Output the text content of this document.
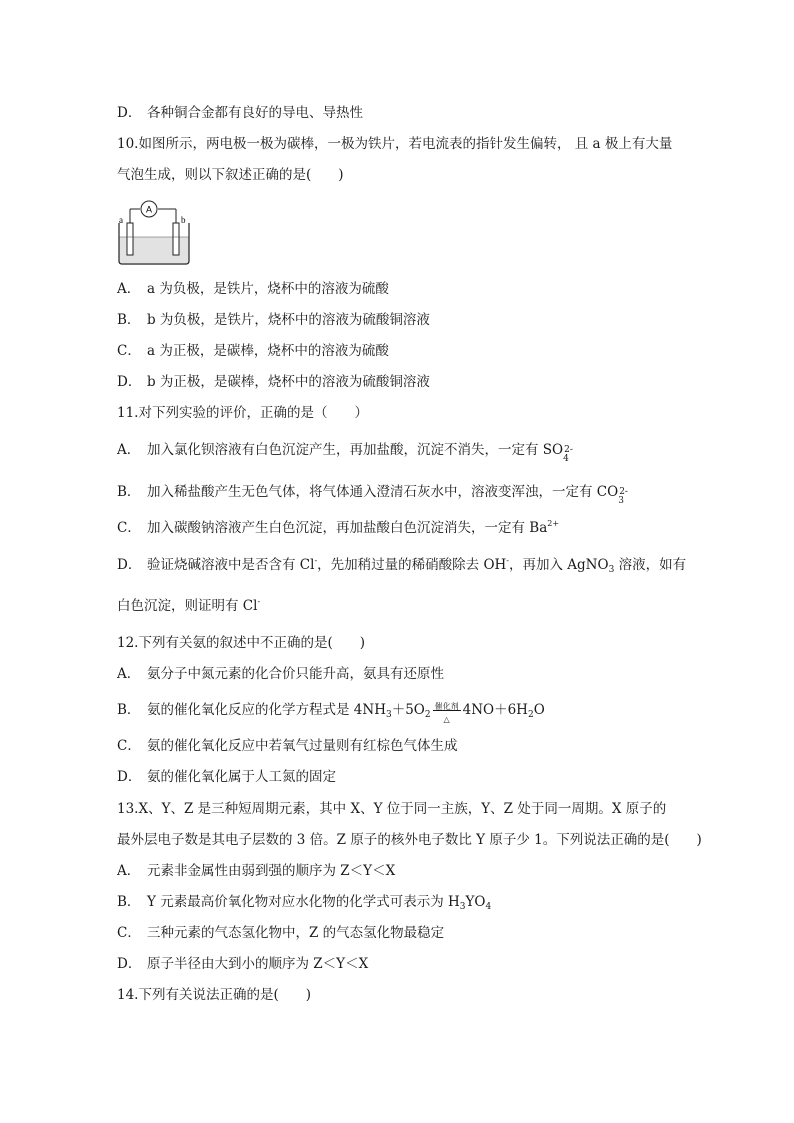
D． 各种铜合金都有良好的导电、导热性
10.如图所示，两电极一极为碳棒，一极为铁片，若电流表的指针发生偏转， 且 a 极上有大量
气泡生成，则以下叙述正确的是(　　)
A
a	b
A． a 为负极，是铁片，烧杯中的溶液为硫酸
B． b 为负极，是铁片，烧杯中的溶液为硫酸铜溶液
C． a 为正极，是碳棒，烧杯中的溶液为硫酸
D． b 为正极，是碳棒，烧杯中的溶液为硫酸铜溶液
11.对下列实验的评价，正确的是（　　）
A． 加入氯化钡溶液有白色沉淀产生，再加盐酸，沉淀不消失，一定有 SO 2-
4
B． 加入稀盐酸产生无色气体，将气体通入澄清石灰水中，溶液变浑浊，一定有 CO 2-
3
C． 加入碳酸钠溶液产生白色沉淀，再加盐酸白色沉淀消失，一定有 $Ba^{2+}$
D． 验证烧碱溶液中是否含有 Cl-，先加稍过量的稀硝酸除去 OH-，再加入 AgNO$_3$ 溶液，如有
白色沉淀，则证明有 Cl-
12.下列有关氨的叙述中不正确的是(　　)
A． 氨分子中氮元素的化合价只能升高，氨具有还原性
B． 氨的催化氧化反应的化学方程式是 $4NH_3+5O_2$
催化剂
△
$4NO+6H_2O$
C． 氨的催化氧化反应中若氧气过量则有红棕色气体生成
D． 氨的催化氧化属于人工氮的固定
13.X、Y、Z 是三种短周期元素，其中 X、Y 位于同一主族，Y、Z 处于同一周期。X 原子的
最外层电子数是其电子层数的 3 倍。Z 原子的核外电子数比 Y 原子少 1。下列说法正确的是(　　)
A． 元素非金属性由弱到强的顺序为 Z＜Y＜X
B． Y 元素最高价氧化物对应水化物的化学式可表示为 $H_3YO_4$
C． 三种元素的气态氢化物中，Z 的气态氢化物最稳定
D． 原子半径由大到小的顺序为 Z＜Y＜X
14.下列有关说法正确的是(　　)
